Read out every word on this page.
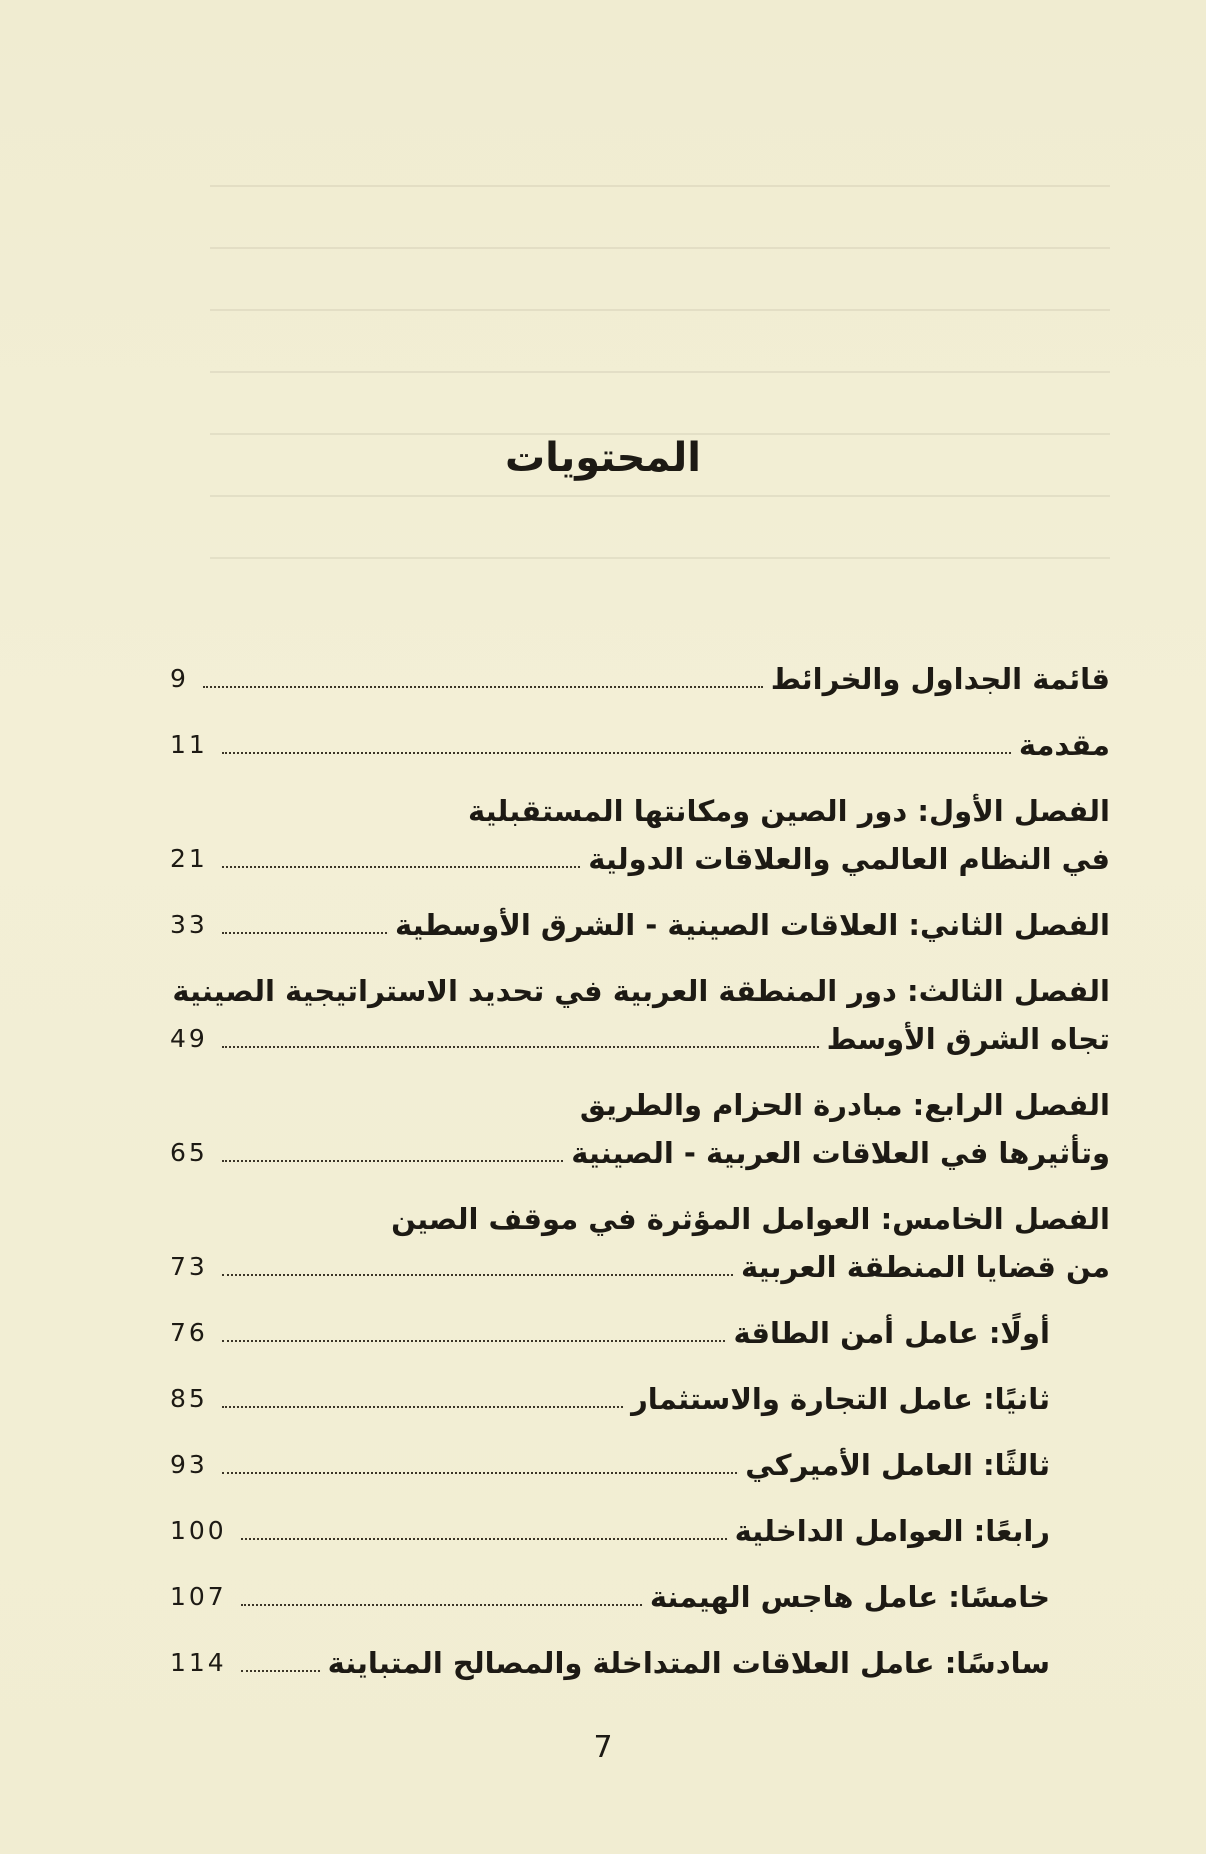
المحتويات
قائمة الجداول والخرائط
9
مقدمة
11
الفصل الأول: دور الصين ومكانتها المستقبلية
في النظام العالمي والعلاقات الدولية
21
الفصل الثاني: العلاقات الصينية - الشرق الأوسطية
33
الفصل الثالث: دور المنطقة العربية في تحديد الاستراتيجية الصينية
تجاه الشرق الأوسط
49
الفصل الرابع: مبادرة الحزام والطريق
وتأثيرها في العلاقات العربية - الصينية
65
الفصل الخامس: العوامل المؤثرة في موقف الصين
من قضايا المنطقة العربية
73
أولًا: عامل أمن الطاقة
76
ثانيًا: عامل التجارة والاستثمار
85
ثالثًا: العامل الأميركي
93
رابعًا: العوامل الداخلية
100
خامسًا: عامل هاجس الهيمنة
107
سادسًا: عامل العلاقات المتداخلة والمصالح المتباينة
114
7
